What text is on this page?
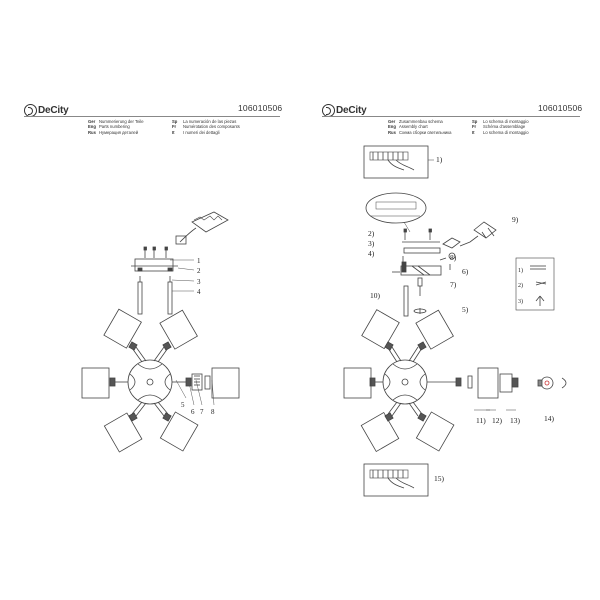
DeCity	106010506
Ger Nummerierung der Teile
Eng Parts numbering
Rus Нумерация деталей
Sp La numeración de las piezas
Fr Numérotation des composants
It I numeri dei dettagli
1
2
3
4
5
6 7 8
DeCity	106010506
Ger Zusammenbau schema
Eng Assembly chart
Rus Схема сборки светильника
Sp Lo schema di montaggio
Fr Schéma d'assemblage
It Lo schema di montaggio
1)
2)
3)
4)
5)
6)
7)
8)
9)
10)
11) 12) 13)	14)
15)
1)
2)
3)
